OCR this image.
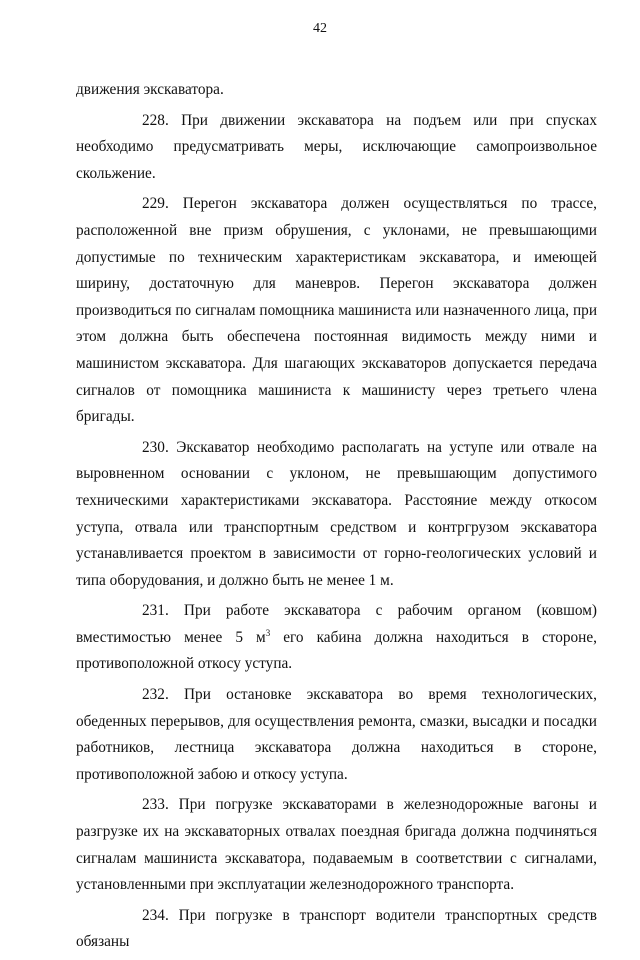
42

движения экскаватора.

228. При движении экскаватора на подъем или при спусках необходимо предусматривать меры, исключающие самопроизвольное скольжение.

229. Перегон экскаватора должен осуществляться по трассе, расположенной вне призм обрушения, с уклонами, не превышающими допустимые по техническим характеристикам экскаватора, и имеющей ширину, достаточную для маневров. Перегон экскаватора должен производиться по сигналам помощника машиниста или назначенного лица, при этом должна быть обеспечена постоянная видимость между ними и машинистом экскаватора. Для шагающих экскаваторов допускается передача сигналов от помощника машиниста к машинисту через третьего члена бригады.

230. Экскаватор необходимо располагать на уступе или отвале на выровненном основании с уклоном, не превышающим допустимого техническими характеристиками экскаватора. Расстояние между откосом уступа, отвала или транспортным средством и контргрузом экскаватора устанавливается проектом в зависимости от горно-геологических условий и типа оборудования, и должно быть не менее 1 м.

231. При работе экскаватора с рабочим органом (ковшом) вместимостью менее 5 $м^3$ его кабина должна находиться в стороне, противоположной откосу уступа.

232. При остановке экскаватора во время технологических, обеденных перерывов, для осуществления ремонта, смазки, высадки и посадки работников, лестница экскаватора должна находиться в стороне, противоположной забою и откосу уступа.

233. При погрузке экскаваторами в железнодорожные вагоны и разгрузке их на экскаваторных отвалах поездная бригада должна подчиняться сигналам машиниста экскаватора, подаваемым в соответствии с сигналами, установленными при эксплуатации железнодорожного транспорта.

234. При погрузке в транспорт водители транспортных средств обязаны
